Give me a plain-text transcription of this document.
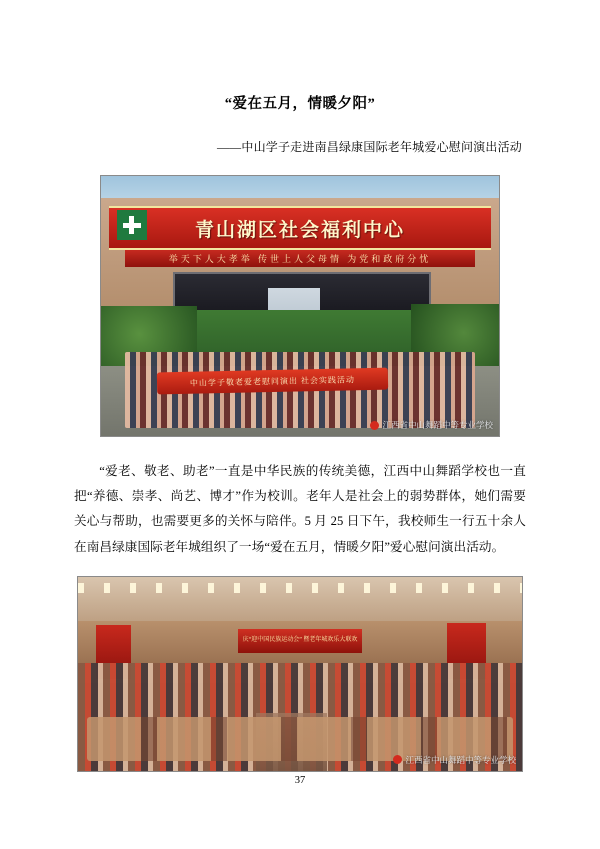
“爱在五月，情暖夕阳”
——中山学子走进南昌绿康国际老年城爱心慰问演出活动
青山湖区社会福利中心
举天下人大孝举 传世上人父母情 为党和政府分忧
中山学子敬老爱老慰问演出 社会实践活动
江西省中山舞蹈中等专业学校
“爱老、敬老、助老”一直是中华民族的传统美德，江西中山舞蹈学校也一直把“养德、崇孝、尚艺、博才”作为校训。老年人是社会上的弱势群体，她们需要关心与帮助，也需要更多的关怀与陪伴。5 月 25 日下午，我校师生一行五十余人在南昌绿康国际老年城组织了一场“爱在五月，情暖夕阳”爱心慰问演出活动。
庆“迎中国民族运动会” 暨老年城欢乐大联欢
江西省中山舞蹈中等专业学校
37
